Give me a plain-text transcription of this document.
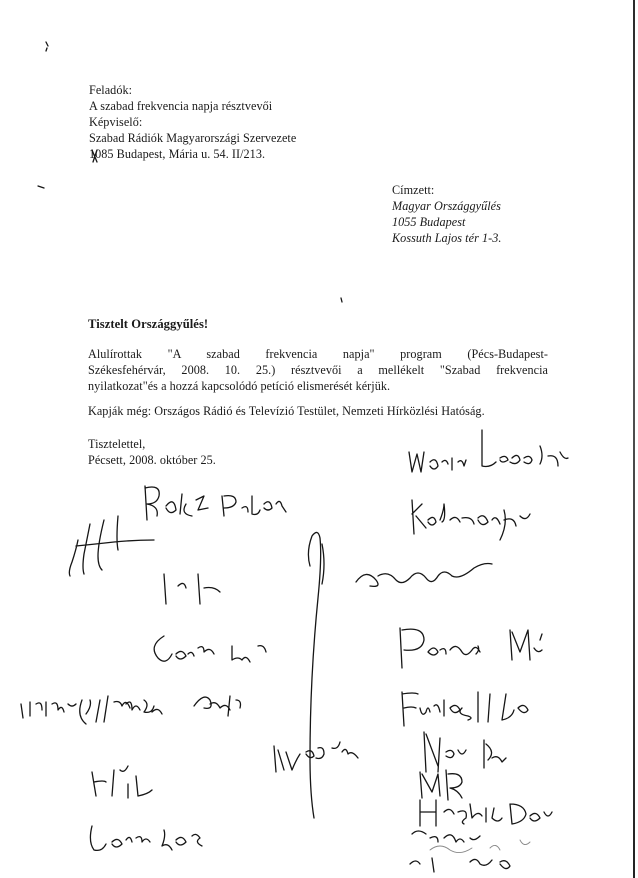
Feladók:
A szabad frekvencia napja résztvevői
Képviselő:
Szabad Rádiók Magyarországi Szervezete
1085 Budapest, Mária u. 54. II/213.
Címzett:
Magyar Országgyűlés
1055 Budapest
Kossuth Lajos tér 1-3.
Tisztelt Országgyűlés!
Alulírottak "A szabad frekvencia napja" program (Pécs-Budapest-
Székesfehérvár, 2008. 10. 25.) résztvevői a mellékelt "Szabad frekvencia
nyilatkozat"és a hozzá kapcsolódó petíció elismerését kérjük.
Kapják még: Országos Rádió és Televízió Testület, Nemzeti Hírközlési Hatóság.
Tisztelettel,
Pécsett, 2008. október 25.
